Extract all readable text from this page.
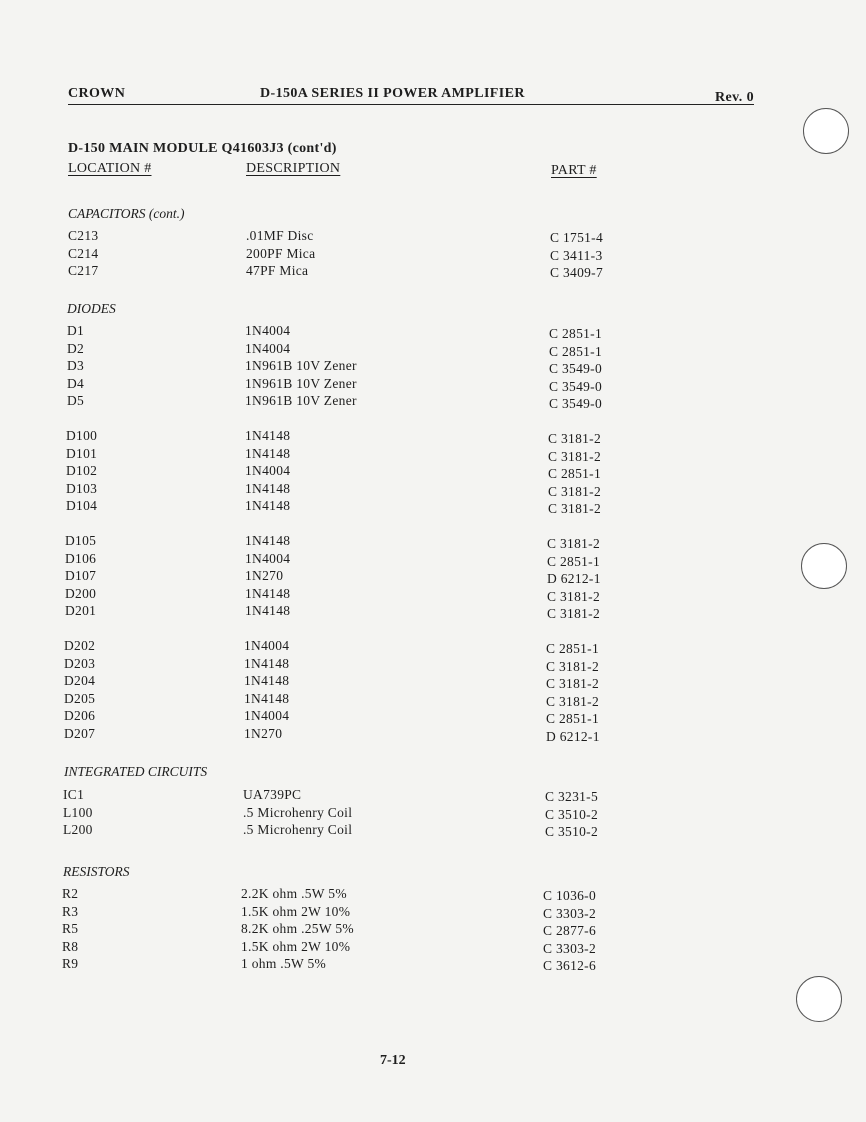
CROWN	D-150A SERIES II POWER AMPLIFIER	Rev. 0
D-150 MAIN MODULE Q41603J3 (cont'd)
LOCATION #	DESCRIPTION	PART #
CAPACITORS (cont.)
DIODES
INTEGRATED CIRCUITS
RESISTORS
C213	.01MF Disc	C 1751-4
C214	200PF Mica	C 3411-3
C217	47PF Mica	C 3409-7
D1	1N4004	C 2851-1
D2	1N4004	C 2851-1
D3	1N961B 10V Zener	C 3549-0
D4	1N961B 10V Zener	C 3549-0
D5	1N961B 10V Zener	C 3549-0
D100	1N4148	C 3181-2
D101	1N4148	C 3181-2
D102	1N4004	C 2851-1
D103	1N4148	C 3181-2
D104	1N4148	C 3181-2
D105	1N4148	C 3181-2
D106	1N4004	C 2851-1
D107	1N270	D 6212-1
D200	1N4148	C 3181-2
D201	1N4148	C 3181-2
D202	1N4004	C 2851-1
D203	1N4148	C 3181-2
D204	1N4148	C 3181-2
D205	1N4148	C 3181-2
D206	1N4004	C 2851-1
D207	1N270	D 6212-1
IC1	UA739PC	C 3231-5
L100	.5 Microhenry Coil	C 3510-2
L200	.5 Microhenry Coil	C 3510-2
R2	2.2K ohm .5W 5%	C 1036-0
R3	1.5K ohm 2W 10%	C 3303-2
R5	8.2K ohm .25W 5%	C 2877-6
R8	1.5K ohm 2W 10%	C 3303-2
R9	1 ohm .5W 5%	C 3612-6
7-12
